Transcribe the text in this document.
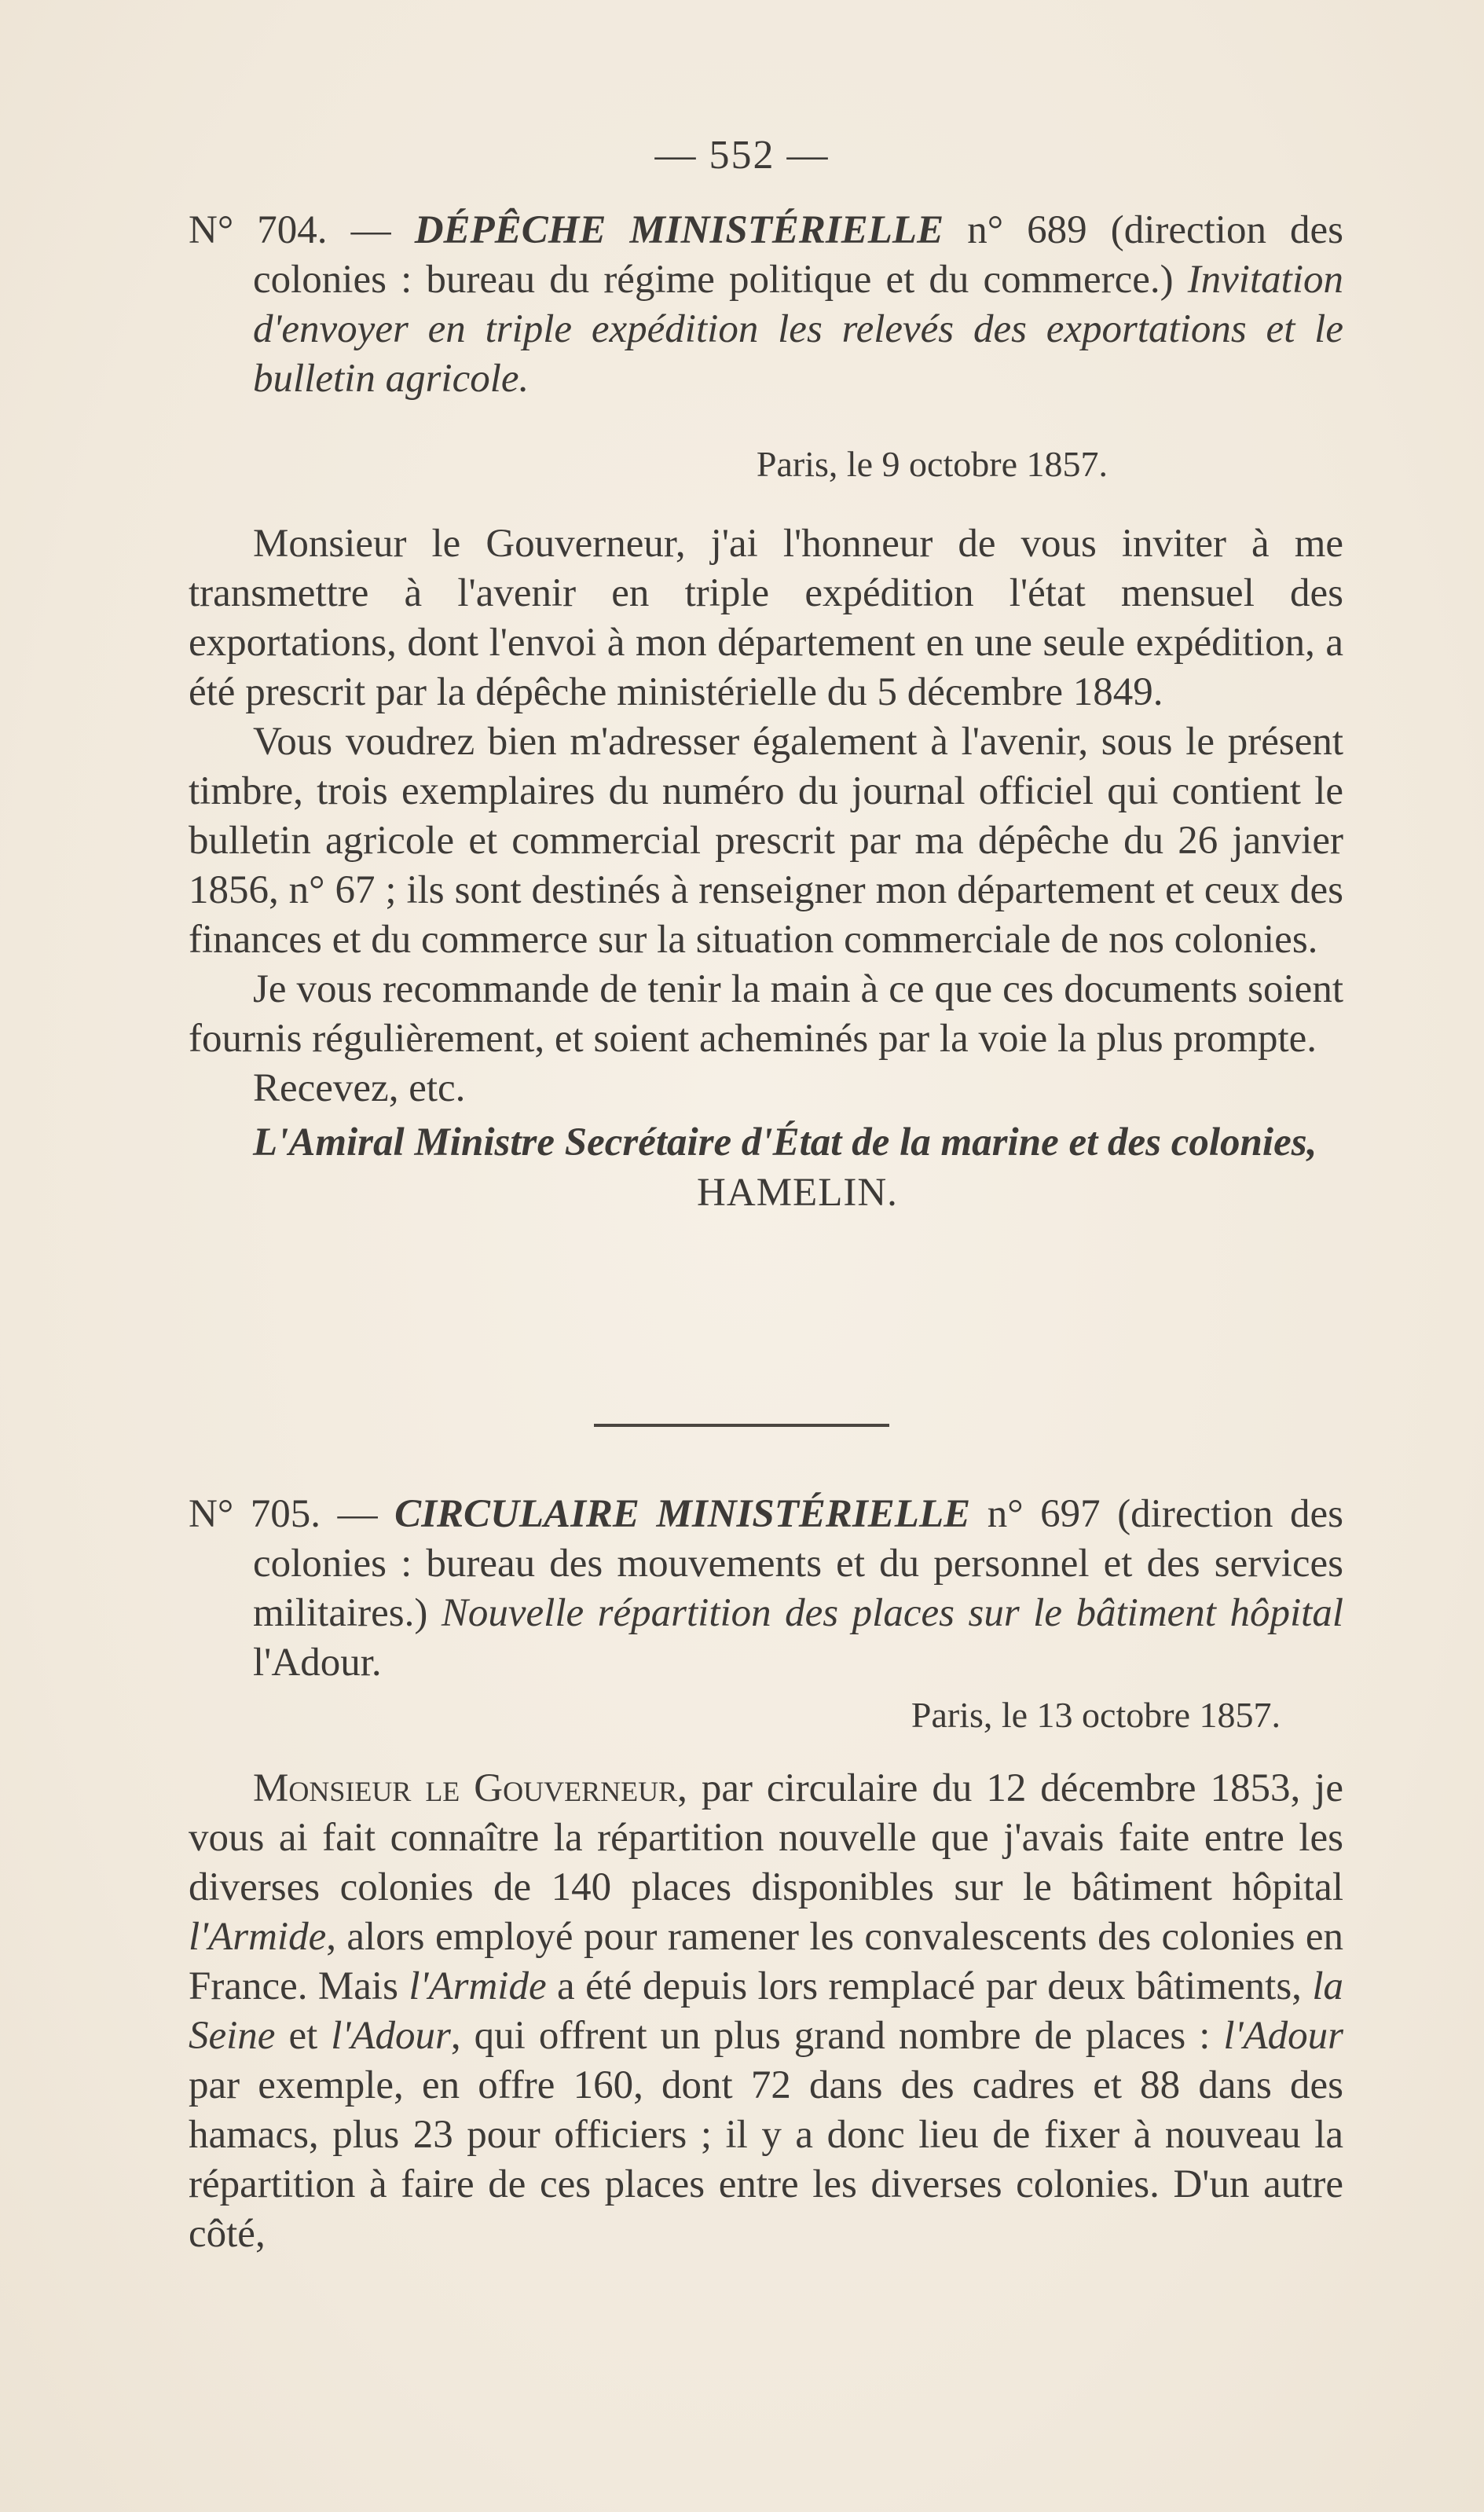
— 552 —

N° 704. — DÉPÊCHE MINISTÉRIELLE n° 689 (direction des colonies : bureau du régime politique et du commerce.) Invitation d'envoyer en triple expédition les relevés des exportations et le bulletin agricole.

Paris, le 9 octobre 1857.

Monsieur le Gouverneur, j'ai l'honneur de vous inviter à me transmettre à l'avenir en triple expédition l'état mensuel des exportations, dont l'envoi à mon département en une seule expédition, a été prescrit par la dépêche ministérielle du 5 décembre 1849.

Vous voudrez bien m'adresser également à l'avenir, sous le présent timbre, trois exemplaires du numéro du journal officiel qui contient le bulletin agricole et commercial prescrit par ma dépêche du 26 janvier 1856, n° 67 ; ils sont destinés à renseigner mon département et ceux des finances et du commerce sur la situation commerciale de nos colonies.

Je vous recommande de tenir la main à ce que ces documents soient fournis régulièrement, et soient acheminés par la voie la plus prompte.

Recevez, etc.

L'Amiral Ministre Secrétaire d'État de la marine et des colonies,

HAMELIN.

N° 705. — CIRCULAIRE MINISTÉRIELLE n° 697 (direction des colonies : bureau des mouvements et du personnel et des services militaires.) Nouvelle répartition des places sur le bâtiment hôpital l'Adour.

Paris, le 13 octobre 1857.

Monsieur le Gouverneur, par circulaire du 12 décembre 1853, je vous ai fait connaître la répartition nouvelle que j'avais faite entre les diverses colonies de 140 places disponibles sur le bâtiment hôpital l'Armide, alors employé pour ramener les convalescents des colonies en France. Mais l'Armide a été depuis lors remplacé par deux bâtiments, la Seine et l'Adour, qui offrent un plus grand nombre de places : l'Adour par exemple, en offre 160, dont 72 dans des cadres et 88 dans des hamacs, plus 23 pour officiers ; il y a donc lieu de fixer à nouveau la répartition à faire de ces places entre les diverses colonies. D'un autre côté,
